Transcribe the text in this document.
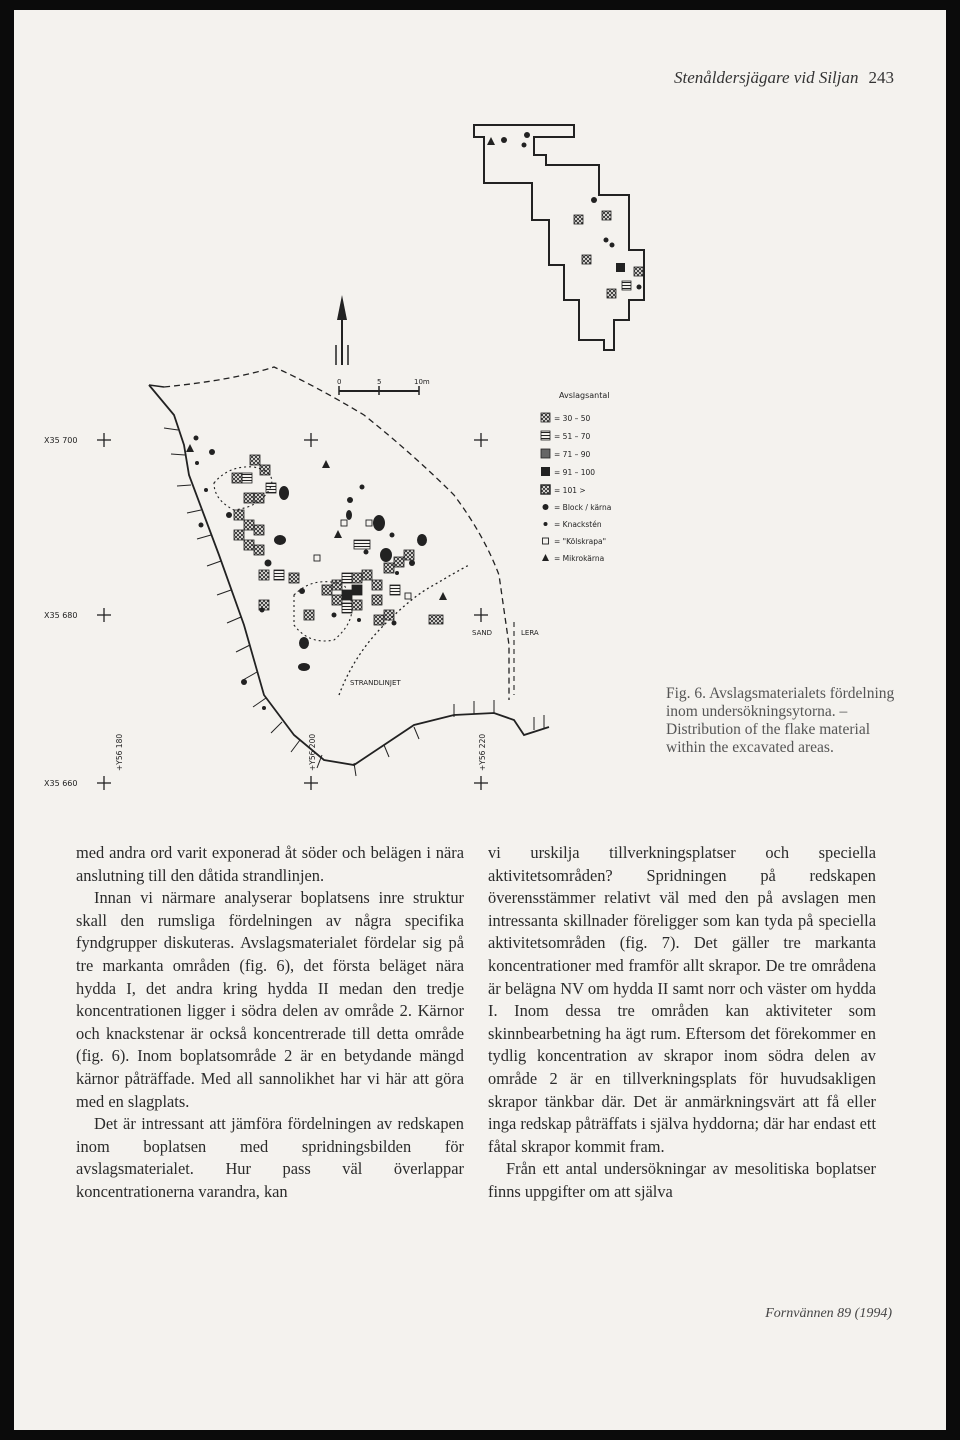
Stenåldersjägare vid Siljan 243
0	5	10m
X35 700
X35 680
X35 660
+Y56 180	+Y56 200	+Y56 220
SAND	LERA
STRANDLINJET
Avslagsantal
= 30 – 50
= 51 – 70
= 71 – 90
= 91 – 100
= 101 >
= Block / kärna
= Knackstén
= "Kölskrapa"
= Mikrokärna
Fig. 6. Avslagsmaterialets fördelning inom undersökningsytorna. – Distribution of the flake material within the excavated areas.

med andra ord varit exponerad åt söder och belägen i nära anslutning till den dåtida strandlinjen.

Innan vi närmare analyserar boplatsens inre struktur skall den rumsliga fördelningen av några specifika fyndgrupper diskuteras. Avslagsmaterialet fördelar sig på tre markanta områden (fig. 6), det första beläget nära hydda I, det andra kring hydda II medan den tredje koncentrationen ligger i södra delen av område 2. Kärnor och knackstenar är också koncentrerade till detta område (fig. 6). Inom boplatsområde 2 är en betydande mängd kärnor påträffade. Med all sannolikhet har vi här att göra med en slagplats.

Det är intressant att jämföra fördelningen av redskapen inom boplatsen med spridningsbilden för avslagsmaterialet. Hur pass väl överlappar koncentrationerna varandra, kan

vi urskilja tillverkningsplatser och speciella aktivitetsområden? Spridningen på redskapen överensstämmer relativt väl med den på avslagen men intressanta skillnader föreligger som kan tyda på speciella aktivitetsområden (fig. 7). Det gäller tre markanta koncentrationer med framför allt skrapor. De tre områdena är belägna NV om hydda II samt norr och väster om hydda I. Inom dessa tre områden kan aktiviteter som skinnbearbetning ha ägt rum. Eftersom det förekommer en tydlig koncentration av skrapor inom södra delen av område 2 är en tillverkningsplats för huvudsakligen skrapor tänkbar där. Det är anmärkningsvärt att få eller inga redskap påträffats i själva hyddorna; där har endast ett fåtal skrapor kommit fram.

Från ett antal undersökningar av mesolitiska boplatser finns uppgifter om att själva

Fornvännen 89 (1994)
